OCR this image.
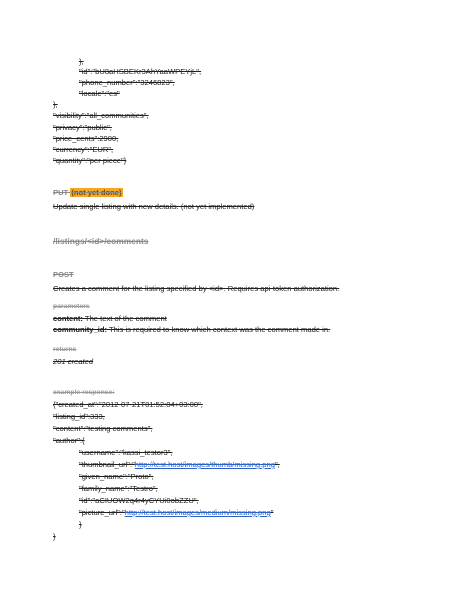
},
"id":"bU8aHSBEKr3AhYaaWPEYjL",
"phone_number":"3246823",
"locale":"es"
},
"visibility":"all_communities",
"privacy":"public",
"price_cents":2900,
"currency":"EUR",
"quantity":"per piece"}
PUT (not yet done)
Update single listing with new details. (not yet implemented)
/listings/<id>/comments
POST
Creates a comment for the listing specified by <id>. Requires api-token authorization.
parameters
content: The text of the comment
community_id: This is required to know which context was the comment made in.
returns
201 created
example response:
{"created_at":"2012-07-21T01:52:04+03:00",
"listing_id":333,
"content":"testing comments",
"author":{
"username":"kassi_testor3",
"thumbnail_url":"http://test.host/images/thumb/missing.png",
"given_name":"Proto",
"family_name":"Testro",
"id":"aCIUOW2q4r4yCYUi0obZZU",
"picture_url":"http://test.host/images/medium/missing.png"
}
}
